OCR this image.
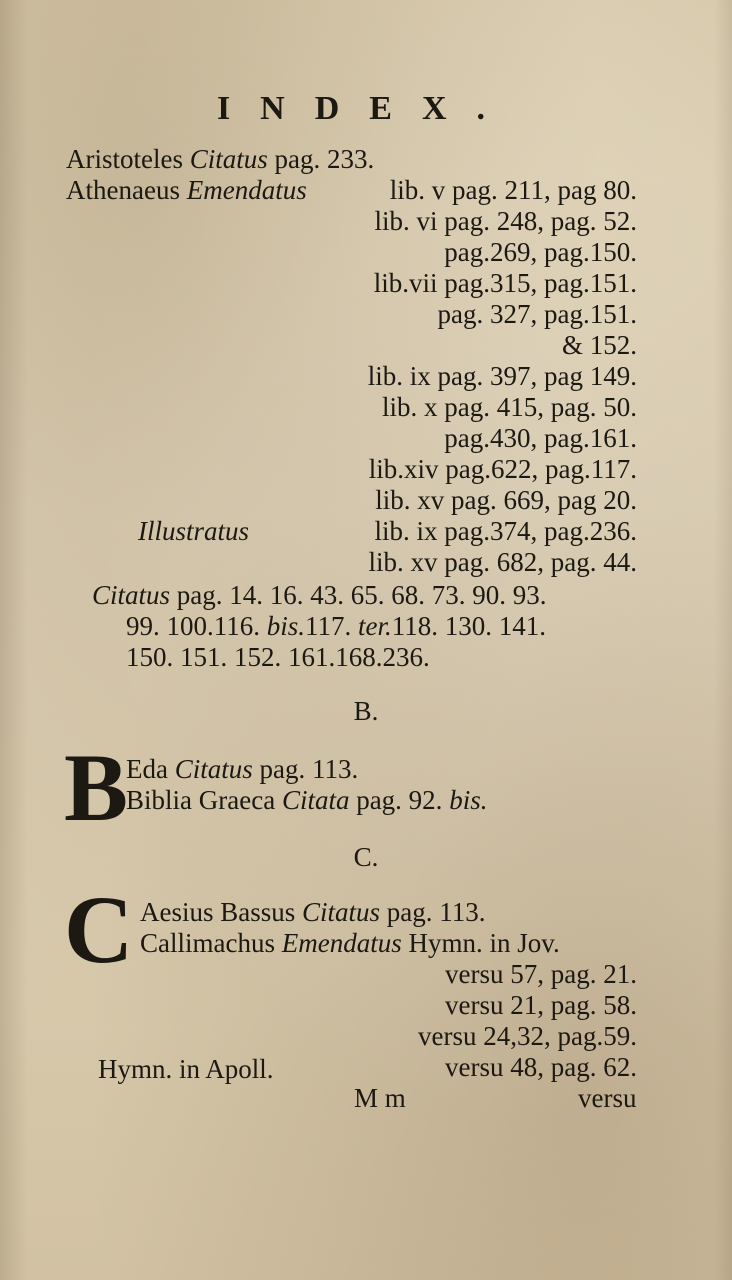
INDEX.
Aristoteles Citatus pag. 233.
Athenaeus Emendatus	lib. v pag. 211, pag 80.
lib. vi pag. 248, pag. 52.
pag.269, pag.150.
lib.vii pag.315, pag.151.
pag. 327, pag.151.
& 152.
lib. ix pag. 397, pag 149.
lib. x pag. 415, pag. 50.
pag.430, pag.161.
lib.xiv pag.622, pag.117.
lib. xv pag. 669, pag 20.
Illustratus	lib. ix pag.374, pag.236.
lib. xv pag. 682, pag. 44.
Citatus pag. 14. 16. 43. 65. 68. 73. 90. 93.
99. 100.116. bis.117. ter.118. 130. 141.
150. 151. 152. 161.168.236.
B.
B
Eda Citatus pag. 113.
Biblia Graeca Citata pag. 92. bis.
C.
C Aesius Bassus Citatus pag. 113.
Callimachus Emendatus Hymn. in Jov.
versu 57, pag. 21.
versu 21, pag. 58.
versu 24,32, pag.59.
Hymn. in Apoll.	versu 48, pag. 62.
M m	versu
